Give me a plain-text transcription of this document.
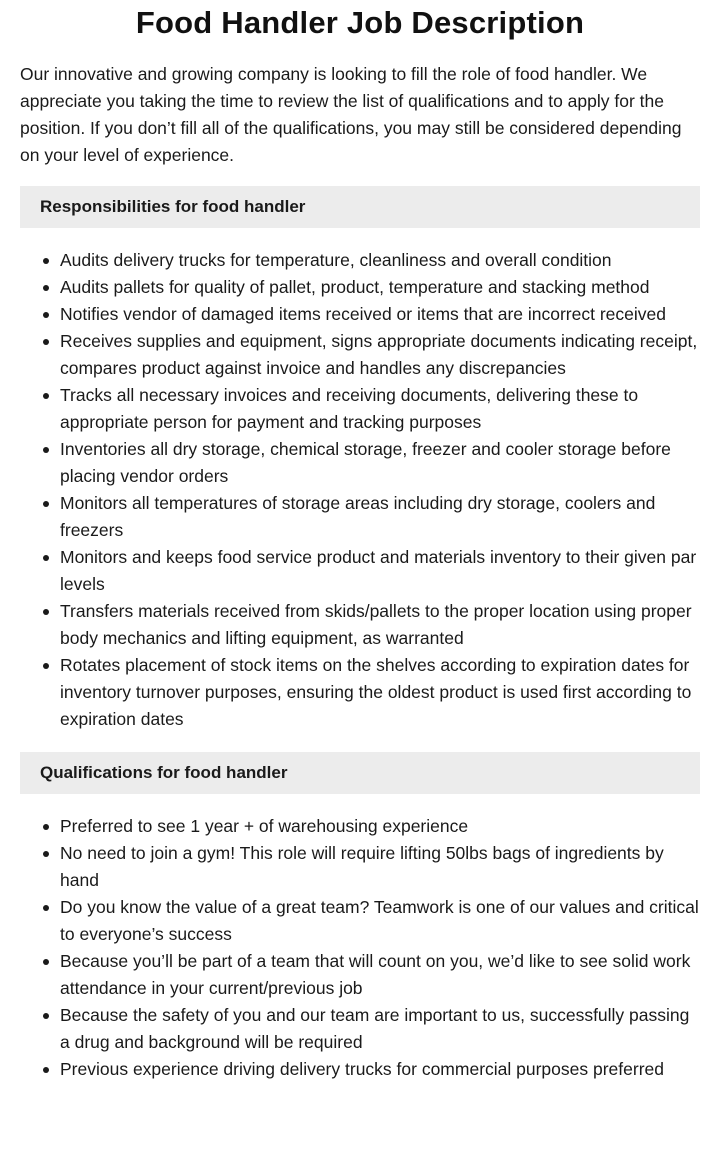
Food Handler Job Description

Our innovative and growing company is looking to fill the role of food handler. We appreciate you taking the time to review the list of qualifications and to apply for the position. If you don’t fill all of the qualifications, you may still be considered depending on your level of experience.

Responsibilities for food handler
Audits delivery trucks for temperature, cleanliness and overall condition
Audits pallets for quality of pallet, product, temperature and stacking method
Notifies vendor of damaged items received or items that are incorrect received
Receives supplies and equipment, signs appropriate documents indicating receipt, compares product against invoice and handles any discrepancies
Tracks all necessary invoices and receiving documents, delivering these to appropriate person for payment and tracking purposes
Inventories all dry storage, chemical storage, freezer and cooler storage before placing vendor orders
Monitors all temperatures of storage areas including dry storage, coolers and freezers
Monitors and keeps food service product and materials inventory to their given par levels
Transfers materials received from skids/pallets to the proper location using proper body mechanics and lifting equipment, as warranted
Rotates placement of stock items on the shelves according to expiration dates for inventory turnover purposes, ensuring the oldest product is used first according to expiration dates
Qualifications for food handler
Preferred to see 1 year + of warehousing experience
No need to join a gym! This role will require lifting 50lbs bags of ingredients by hand
Do you know the value of a great team? Teamwork is one of our values and critical to everyone’s success
Because you’ll be part of a team that will count on you, we’d like to see solid work attendance in your current/previous job
Because the safety of you and our team are important to us, successfully passing a drug and background will be required
Previous experience driving delivery trucks for commercial purposes preferred
